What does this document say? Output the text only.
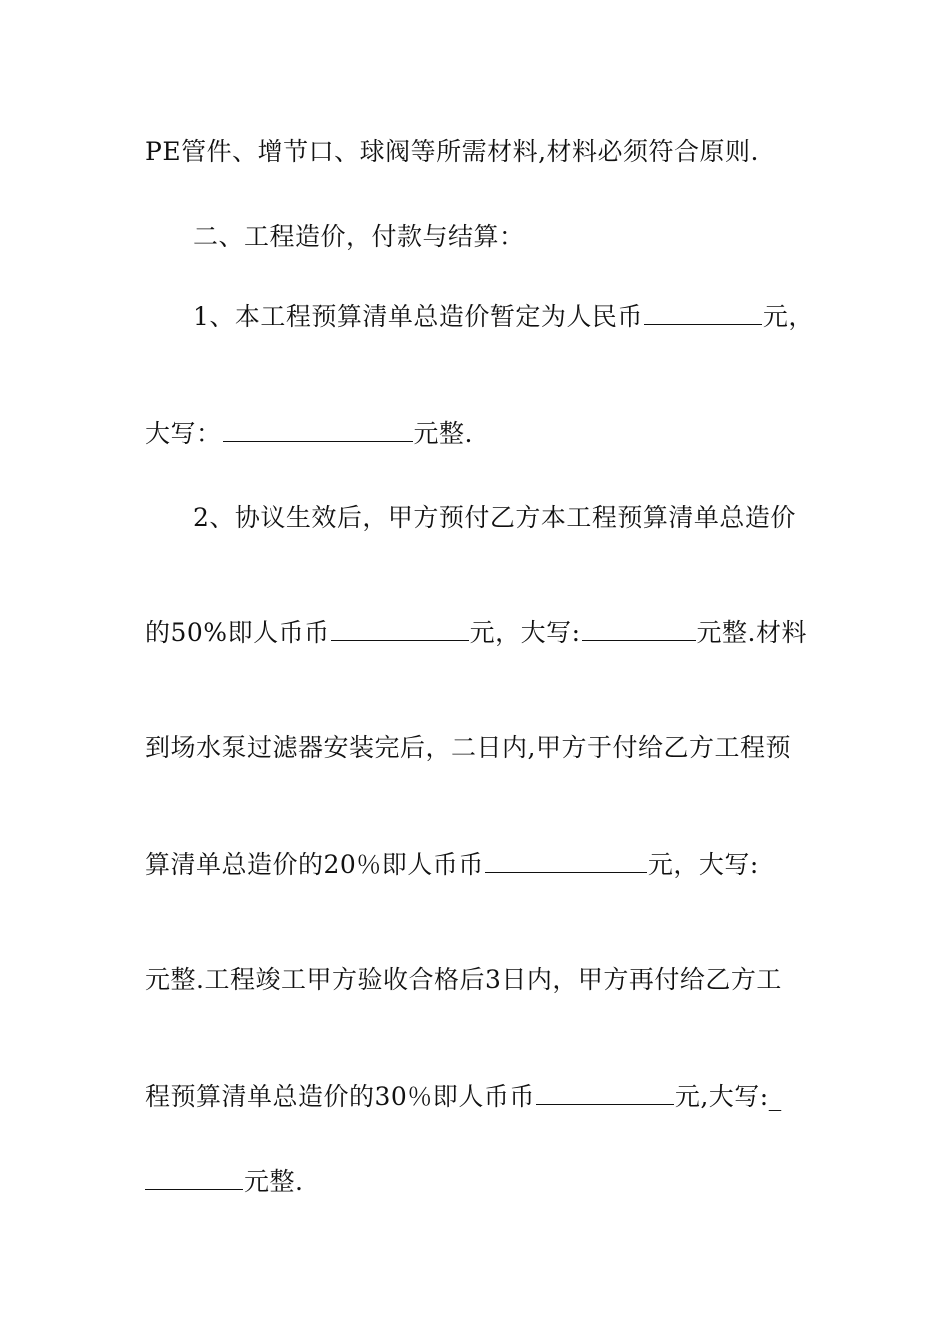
PE管件、增节口、球阀等所需材料,材料必须符合原则.
二、工程造价，付款与结算：
1、本工程预算清单总造价暂定为人民币	元，
大写：	元整.
2、协议生效后，甲方预付乙方本工程预算清单总造价
的50%即人币币	元，大写:	元整.材料
到场水泵过滤器安装完后，二日内,甲方于付给乙方工程预
算清单总造价的20％即人币币	元，大写:
元整.工程竣工甲方验收合格后3日内，甲方再付给乙方工
程预算清单总造价的30％即人币币	元,大写:_
元整.
